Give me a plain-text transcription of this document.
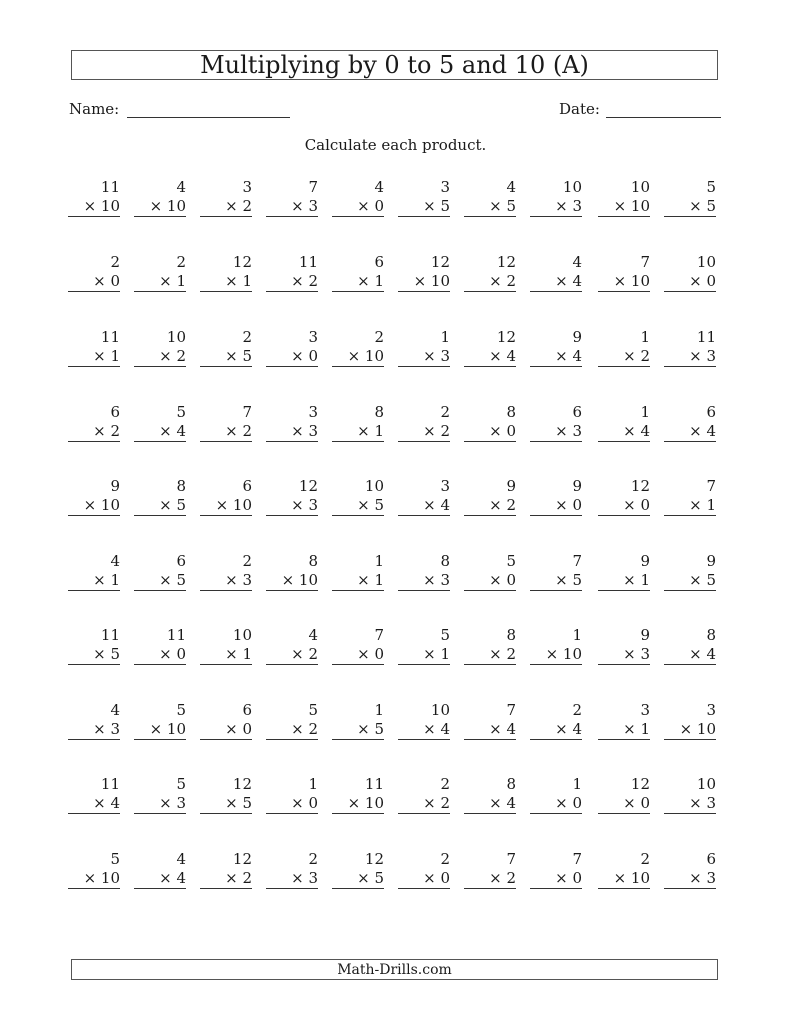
Multiplying by 0 to 5 and 10 (A)
Name:	Date:
Calculate each product.
11
× 10
4
× 10
3
× 2
7
× 3
4
× 0
3
× 5
4
× 5
10
× 3
10
× 10
5
× 5
2
× 0
2
× 1
12
× 1
11
× 2
6
× 1
12
× 10
12
× 2
4
× 4
7
× 10
10
× 0
11
× 1
10
× 2
2
× 5
3
× 0
2
× 10
1
× 3
12
× 4
9
× 4
1
× 2
11
× 3
6
× 2
5
× 4
7
× 2
3
× 3
8
× 1
2
× 2
8
× 0
6
× 3
1
× 4
6
× 4
9
× 10
8
× 5
6
× 10
12
× 3
10
× 5
3
× 4
9
× 2
9
× 0
12
× 0
7
× 1
4
× 1
6
× 5
2
× 3
8
× 10
1
× 1
8
× 3
5
× 0
7
× 5
9
× 1
9
× 5
11
× 5
11
× 0
10
× 1
4
× 2
7
× 0
5
× 1
8
× 2
1
× 10
9
× 3
8
× 4
4
× 3
5
× 10
6
× 0
5
× 2
1
× 5
10
× 4
7
× 4
2
× 4
3
× 1
3
× 10
11
× 4
5
× 3
12
× 5
1
× 0
11
× 10
2
× 2
8
× 4
1
× 0
12
× 0
10
× 3
5
× 10
4
× 4
12
× 2
2
× 3
12
× 5
2
× 0
7
× 2
7
× 0
2
× 10
6
× 3
Math-Drills.com
